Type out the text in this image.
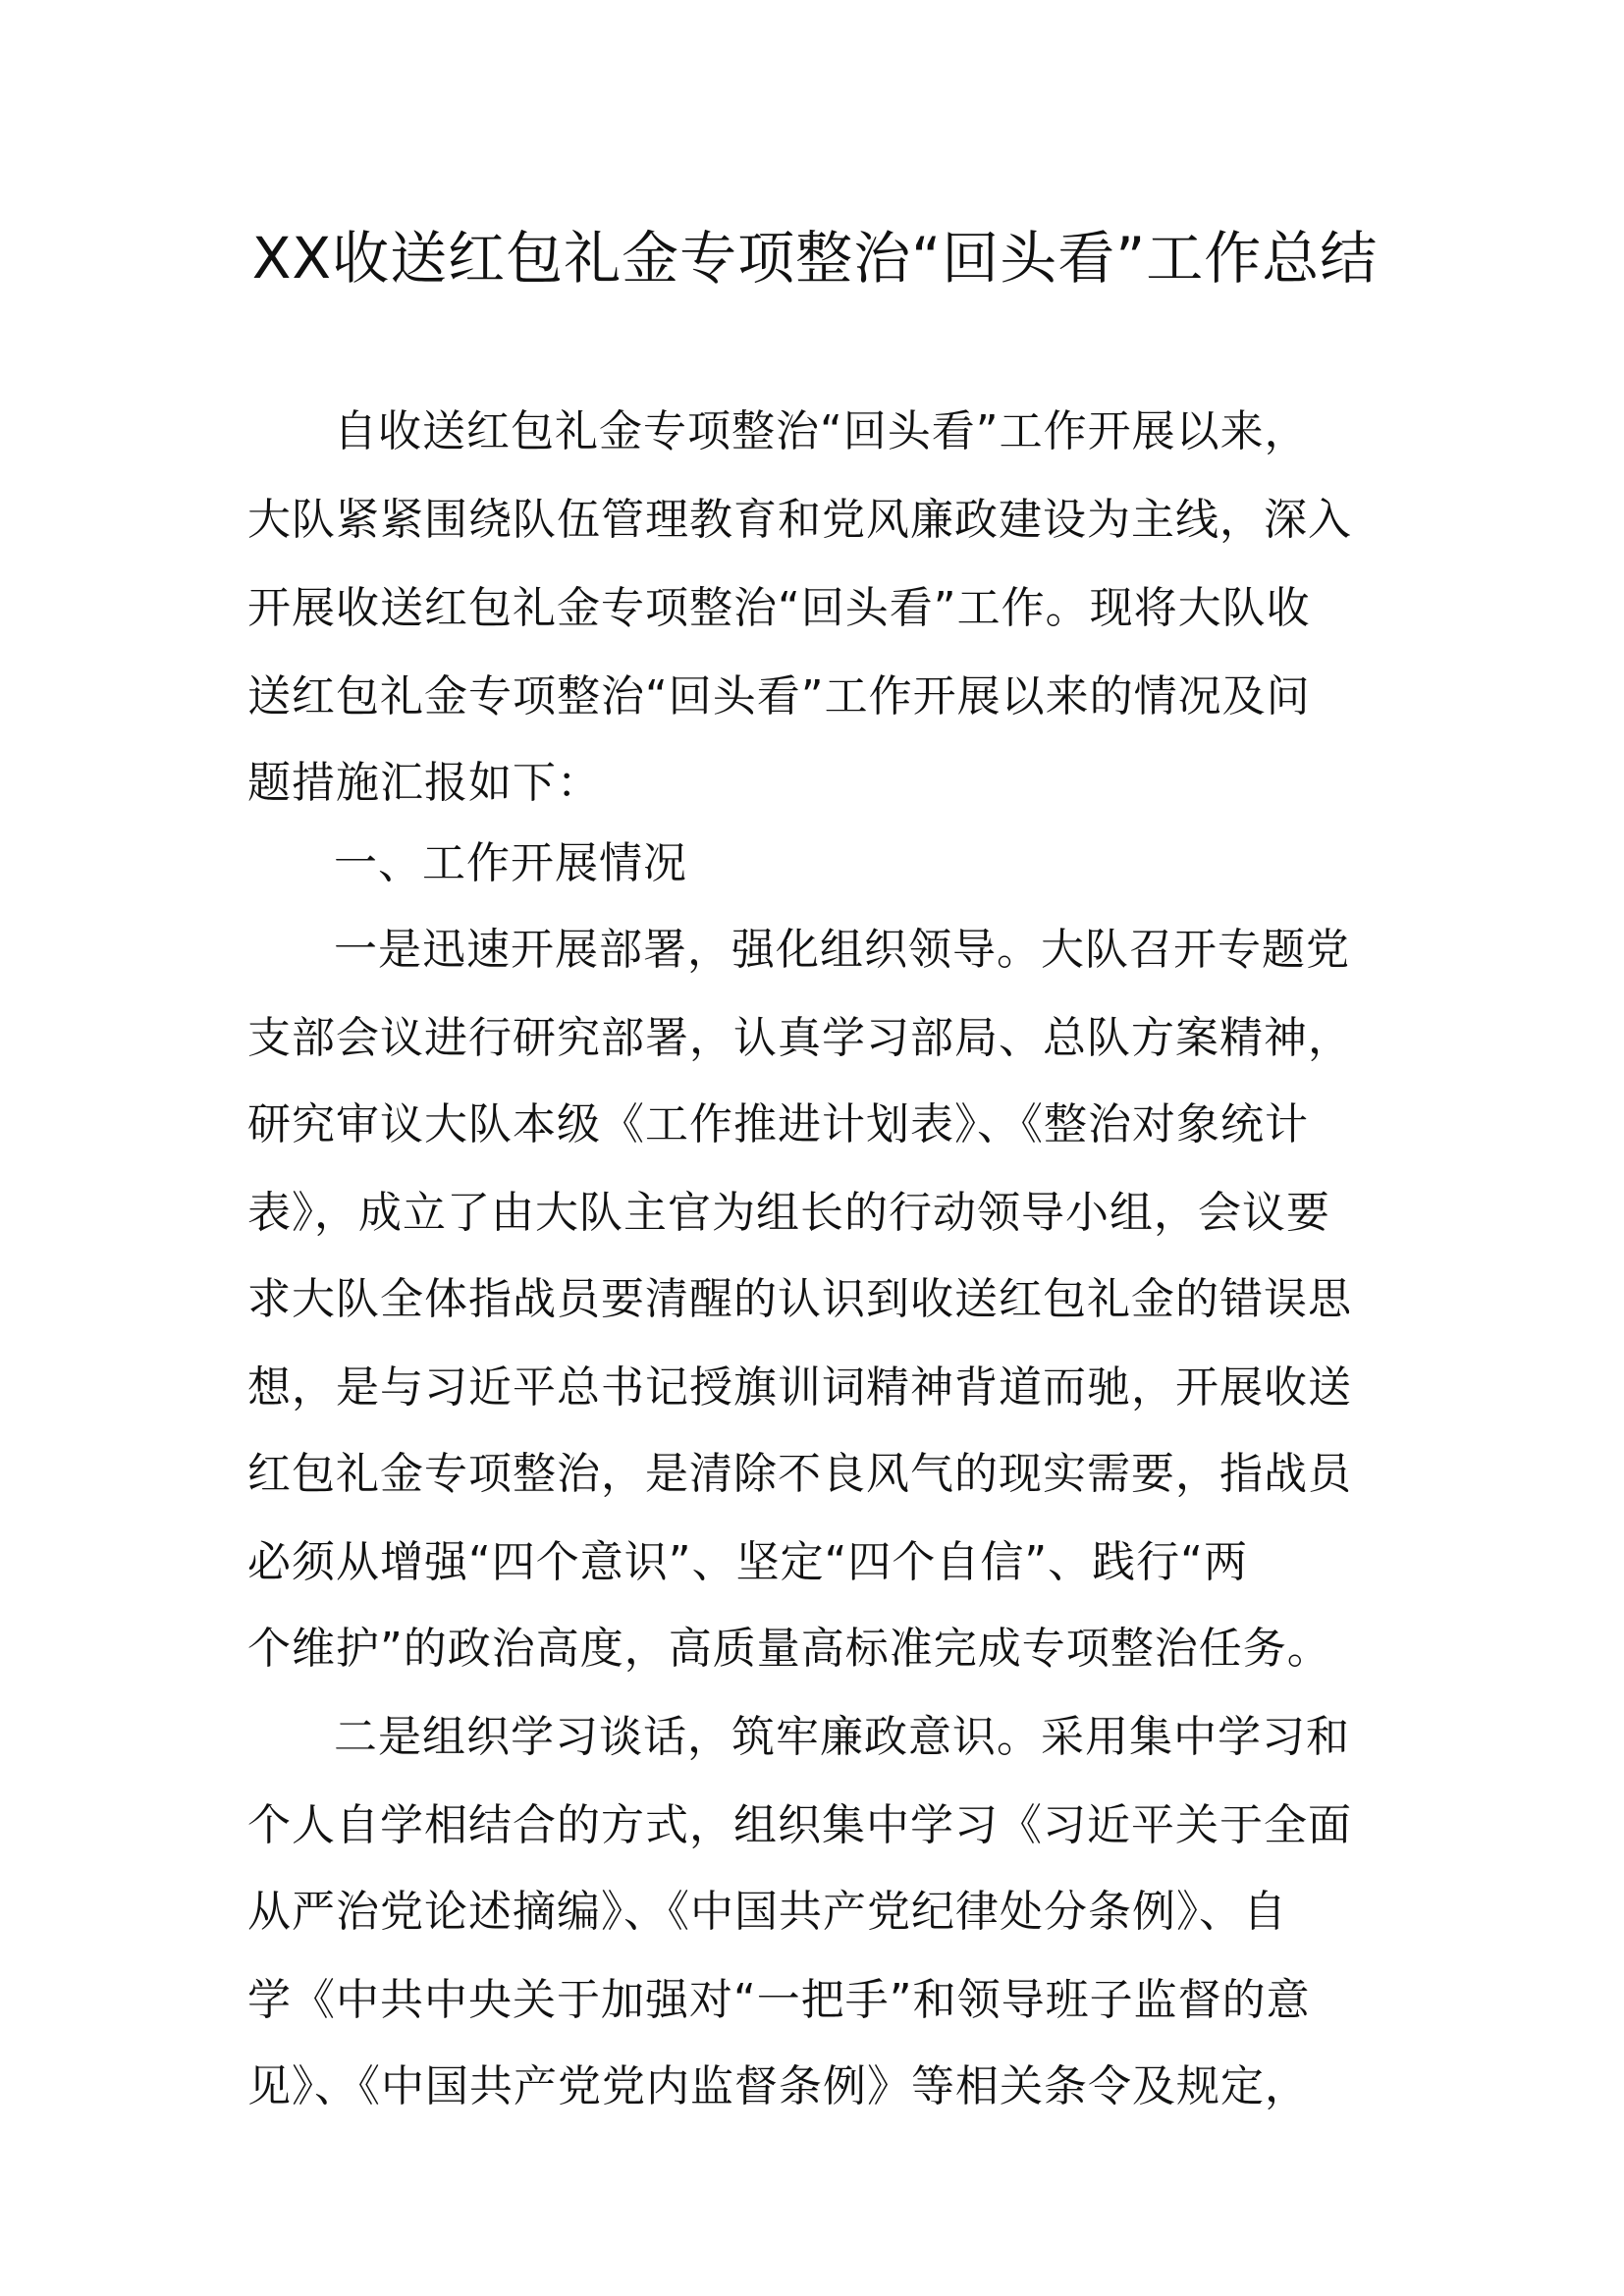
XX收送红包礼金专项整治“回头看”工作总结

自收送红包礼金专项整治“回头看”工作开展以来，

大队紧紧围绕队伍管理教育和党风廉政建设为主线，深入

开展收送红包礼金专项整治“回头看”工作。现将大队收

送红包礼金专项整治“回头看”工作开展以来的情况及问

题措施汇报如下：

一、工作开展情况

一是迅速开展部署，强化组织领导。大队召开专题党

支部会议进行研究部署，认真学习部局、总队方案精神，

研究审议大队本级《工作推进计划表》、《整治对象统计

表》，成立了由大队主官为组长的行动领导小组，会议要

求大队全体指战员要清醒的认识到收送红包礼金的错误思

想，是与习近平总书记授旗训词精神背道而驰，开展收送

红包礼金专项整治，是清除不良风气的现实需要，指战员

必须从增强“四个意识”、坚定“四个自信”、践行“两

个维护”的政治高度，高质量高标准完成专项整治任务。

二是组织学习谈话，筑牢廉政意识。采用集中学习和

个人自学相结合的方式，组织集中学习《习近平关于全面

从严治党论述摘编》、《中国共产党纪律处分条例》、自

学《中共中央关于加强对“一把手”和领导班子监督的意

见》、《中国共产党党内监督条例》等相关条令及规定，
